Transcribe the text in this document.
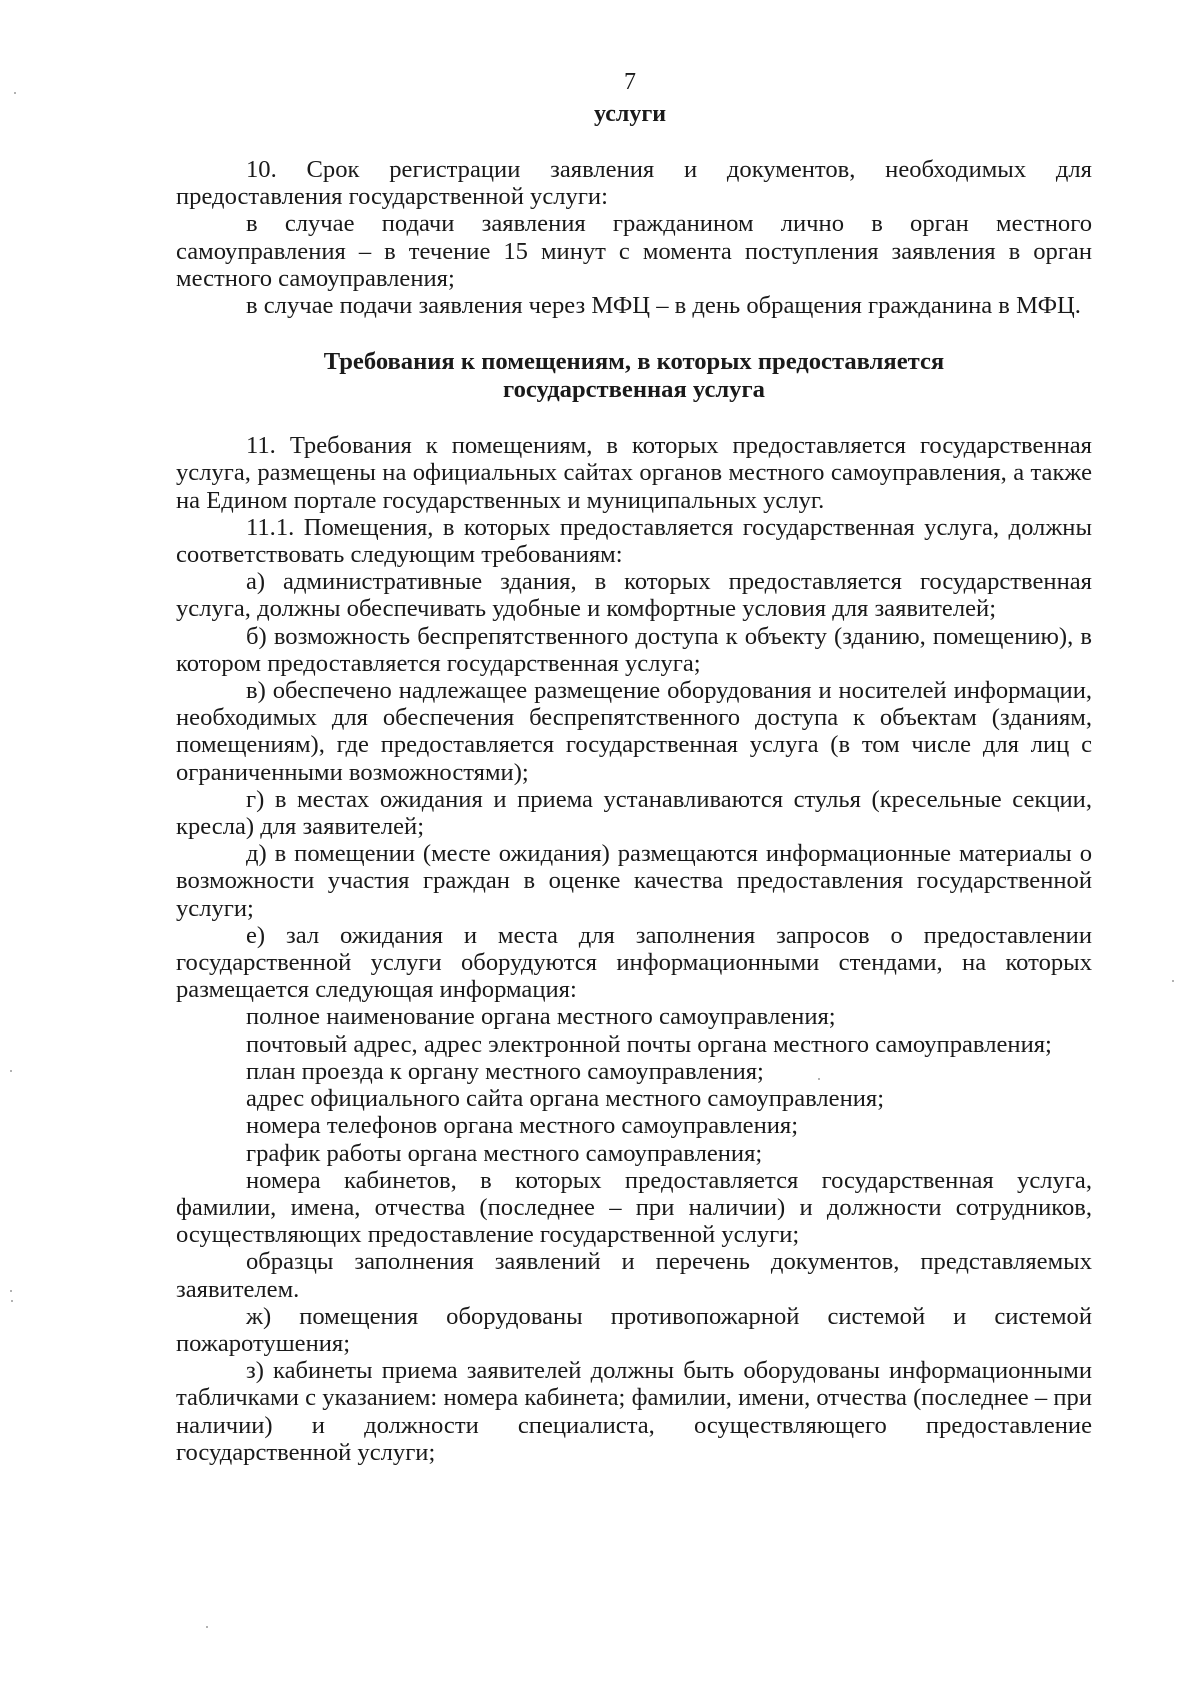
7
услуги

10. Срок регистрации заявления и документов, необходимых для предоставления государственной услуги:

в случае подачи заявления гражданином лично в орган местного самоуправления – в течение 15 минут с момента поступления заявления в орган местного самоуправления;

в случае подачи заявления через МФЦ – в день обращения гражданина в МФЦ.

Требования к помещениям, в которых предоставляется
государственная услуга

11. Требования к помещениям, в которых предоставляется государственная услуга, размещены на официальных сайтах органов местного самоуправления, а также на Едином портале государственных и муниципальных услуг.

11.1. Помещения, в которых предоставляется государственная услуга, должны соответствовать следующим требованиям:

а) административные здания, в которых предоставляется государственная услуга, должны обеспечивать удобные и комфортные условия для заявителей;

б) возможность беспрепятственного доступа к объекту (зданию, помещению), в котором предоставляется государственная услуга;

в) обеспечено надлежащее размещение оборудования и носителей информации, необходимых для обеспечения беспрепятственного доступа к объектам (зданиям, помещениям), где предоставляется государственная услуга (в том числе для лиц с ограниченными возможностями);

г) в местах ожидания и приема устанавливаются стулья (кресельные секции, кресла) для заявителей;

д) в помещении (месте ожидания) размещаются информационные материалы о возможности участия граждан в оценке качества предоставления государственной услуги;

е) зал ожидания и места для заполнения запросов о предоставлении государственной услуги оборудуются информационными стендами, на которых размещается следующая информация:

полное наименование органа местного самоуправления;

почтовый адрес, адрес электронной почты органа местного самоуправления;

план проезда к органу местного самоуправления;

адрес официального сайта органа местного самоуправления;

номера телефонов органа местного самоуправления;

график работы органа местного самоуправления;

номера кабинетов, в которых предоставляется государственная услуга, фамилии, имена, отчества (последнее – при наличии) и должности сотрудников, осуществляющих предоставление государственной услуги;

образцы заполнения заявлений и перечень документов, представляемых заявителем.

ж) помещения оборудованы противопожарной системой и системой пожаротушения;

з) кабинеты приема заявителей должны быть оборудованы информационными табличками с указанием: номера кабинета; фамилии, имени, отчества (последнее – при наличии) и должности специалиста, осуществляющего предоставление государственной услуги;
